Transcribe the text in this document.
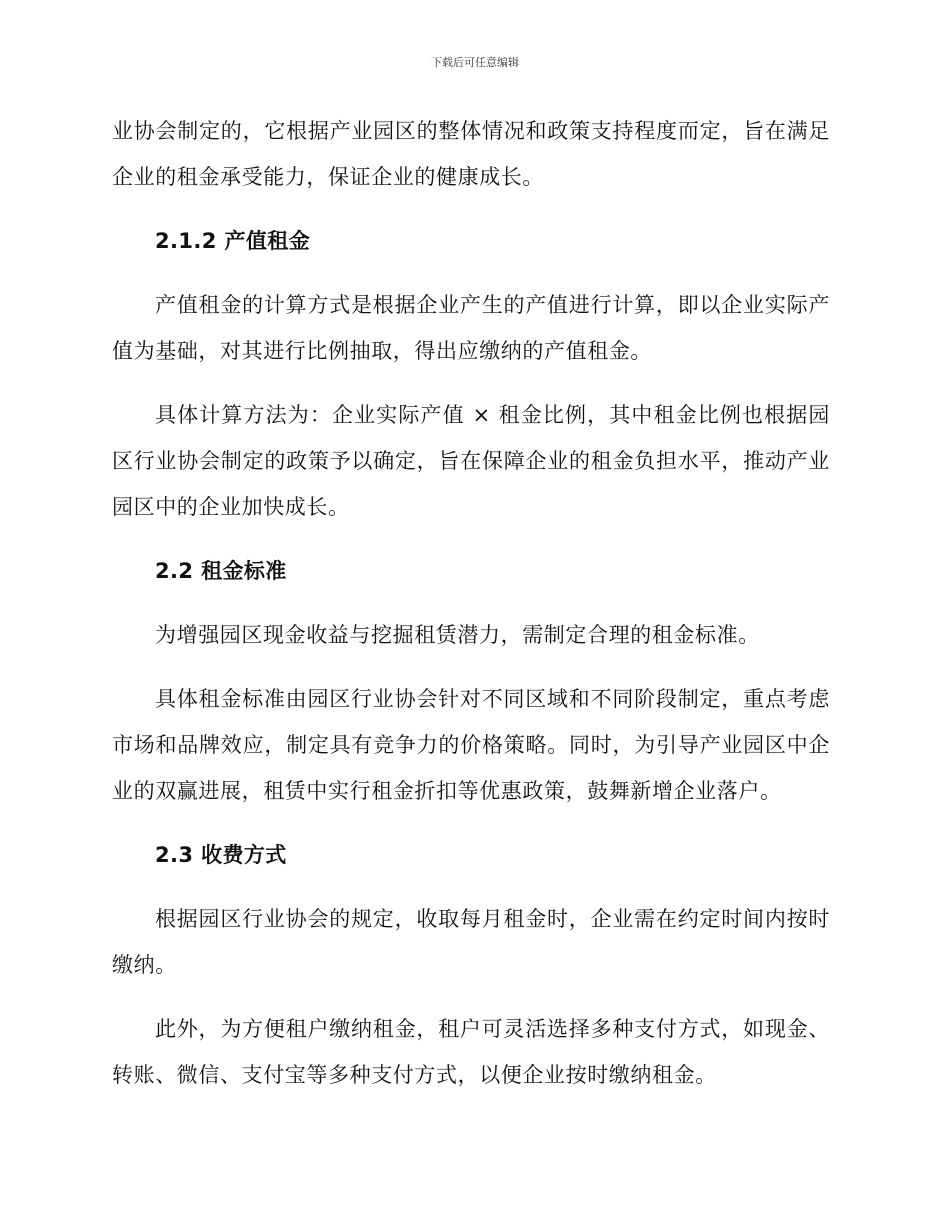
下载后可任意编辑

业协会制定的，它根据产业园区的整体情况和政策支持程度而定，旨在满足企业的租金承受能力，保证企业的健康成长。

2.1.2 产值租金

产值租金的计算方式是根据企业产生的产值进行计算，即以企业实际产值为基础，对其进行比例抽取，得出应缴纳的产值租金。

具体计算方法为：企业实际产值 × 租金比例，其中租金比例也根据园区行业协会制定的政策予以确定，旨在保障企业的租金负担水平，推动产业园区中的企业加快成长。

2.2 租金标准

为增强园区现金收益与挖掘租赁潜力，需制定合理的租金标准。

具体租金标准由园区行业协会针对不同区域和不同阶段制定，重点考虑市场和品牌效应，制定具有竞争力的价格策略。同时，为引导产业园区中企业的双赢进展，租赁中实行租金折扣等优惠政策，鼓舞新增企业落户。

2.3 收费方式

根据园区行业协会的规定，收取每月租金时，企业需在约定时间内按时缴纳。

此外，为方便租户缴纳租金，租户可灵活选择多种支付方式，如现金、转账、微信、支付宝等多种支付方式，以便企业按时缴纳租金。
